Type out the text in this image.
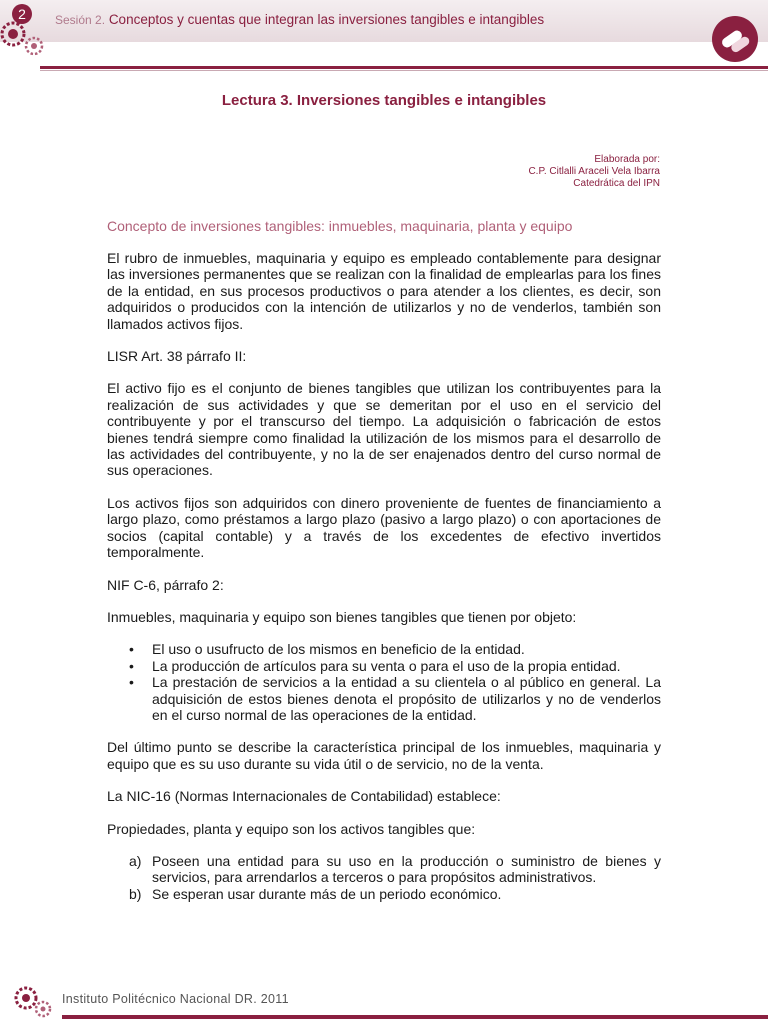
2 Sesión 2. Conceptos y cuentas que integran las inversiones tangibles e intangibles
Lectura 3. Inversiones tangibles e intangibles
Elaborada por:
C.P. Citlalli Araceli Vela Ibarra
Catedrática del IPN

Concepto de inversiones tangibles: inmuebles, maquinaria, planta y equipo

El rubro de inmuebles, maquinaria y equipo es empleado contablemente para designar las inversiones permanentes que se realizan con la finalidad de emplearlas para los fines de la entidad, en sus procesos productivos o para atender a los clientes, es decir, son adquiridos o producidos con la intención de utilizarlos y no de venderlos, también son llamados activos fijos.

LISR Art. 38 párrafo II:

El activo fijo es el conjunto de bienes tangibles que utilizan los contribuyentes para la realización de sus actividades y que se demeritan por el uso en el servicio del contribuyente y por el transcurso del tiempo. La adquisición o fabricación de estos bienes tendrá siempre como finalidad la utilización de los mismos para el desarrollo de las actividades del contribuyente, y no la de ser enajenados dentro del curso normal de sus operaciones.

Los activos fijos son adquiridos con dinero proveniente de fuentes de financiamiento a largo plazo, como préstamos a largo plazo (pasivo a largo plazo) o con aportaciones de socios (capital contable) y a través de los excedentes de efectivo invertidos temporalmente.

NIF C-6, párrafo 2:

Inmuebles, maquinaria y equipo son bienes tangibles que tienen por objeto:

• El uso o usufructo de los mismos en beneficio de la entidad.
• La producción de artículos para su venta o para el uso de la propia entidad.
• La prestación de servicios a la entidad a su clientela o al público en general. La adquisición de estos bienes denota el propósito de utilizarlos y no de venderlos en el curso normal de las operaciones de la entidad.

Del último punto se describe la característica principal de los inmuebles, maquinaria y equipo que es su uso durante su vida útil o de servicio, no de la venta.

La NIC-16 (Normas Internacionales de Contabilidad) establece:

Propiedades, planta y equipo son los activos tangibles que:

a) Poseen una entidad para su uso en la producción o suministro de bienes y servicios, para arrendarlos a terceros o para propósitos administrativos.
b) Se esperan usar durante más de un periodo económico.
Instituto Politécnico Nacional DR. 2011
